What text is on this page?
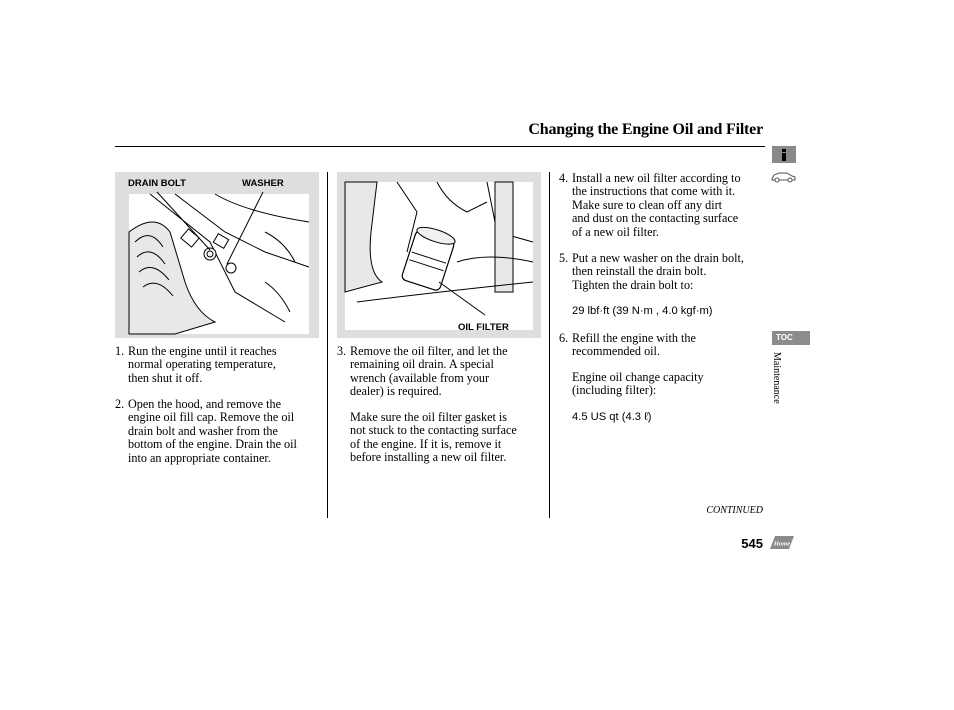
Changing the Engine Oil and Filter
DRAIN BOLT	WASHER
OIL FILTER
1. Run the engine until it reaches
normal operating temperature,
then shut it off.
2. Open the hood, and remove the
engine oil fill cap. Remove the oil
drain bolt and washer from the
bottom of the engine. Drain the oil
into an appropriate container.
3. Remove the oil filter, and let the
remaining oil drain. A special
wrench (available from your
dealer) is required.
Make sure the oil filter gasket is
not stuck to the contacting surface
of the engine. If it is, remove it
before installing a new oil filter.
4. Install a new oil filter according to
the instructions that come with it.
Make sure to clean off any dirt
and dust on the contacting surface
of a new oil filter.
5. Put a new washer on the drain bolt,
then reinstall the drain bolt.
Tighten the drain bolt to:
29 lbf·ft (39 N·m , 4.0 kgf·m)
6. Refill the engine with the
recommended oil.
Engine oil change capacity
(including filter):
4.5 US qt (4.3 ℓ)
CONTINUED
545
TOC
Maintenance
Home
